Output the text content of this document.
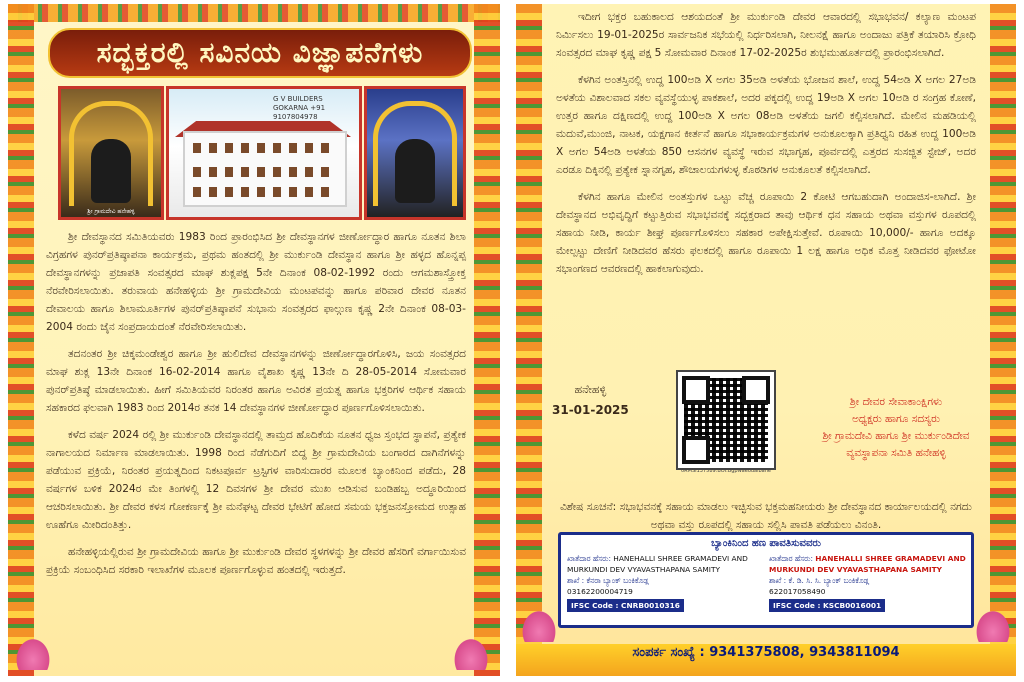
ಸದ್ಭಕ್ತರಲ್ಲಿ ಸವಿನಯ ವಿಜ್ಞಾಪನೆಗಳು
ಶ್ರೀ ಗ್ರಾಮದೇವಿ ಹನೇಹಳ್ಳಿ
G V BUILDERS GOKARNA +91 9107804978

ಶ್ರೀ ದೇವಸ್ಥಾನದ ಸಮಿತಿಯವರು 1983 ರಿಂದ ಪ್ರಾರಂಭಿಸಿದ ಶ್ರೀ ದೇವಸ್ಥಾನಗಳ ಜೀರ್ಣೋದ್ಧಾರ ಹಾಗೂ ನೂತನ ಶಿಲಾ ವಿಗ್ರಹಗಳ ಪುನರ್‌ಪ್ರತಿಷ್ಠಾಪನಾ ಕಾರ್ಯಕ್ರಮ, ಪ್ರಥಮ ಹಂತದಲ್ಲಿ ಶ್ರೀ ಮುರ್ಕುಂಡಿ ದೇವಸ್ಥಾನ ಹಾಗೂ ಶ್ರೀ ಹಳ್ಳದ ಹೊನ್ನಪ್ಪ ದೇವಸ್ಥಾನಗಳನ್ನು ಪ್ರಜಾಪತಿ ಸಂವತ್ಸರದ ಮಾಘ ಶುಕ್ಲಪಕ್ಷ 5ನೇ ದಿನಾಂಕ 08-02-1992 ರಂದು ಆಗಮಶಾಸ್ತ್ರೋಕ್ತ ನೆರವೇರಿಸಲಾಯಿತು. ತರುವಾಯ ಹನೇಹಳ್ಳಿಯ ಶ್ರೀ ಗ್ರಾಮದೇವಿಯ ಮಂಟಪವನ್ನು ಹಾಗೂ ಪರಿವಾರ ದೇವರ ನೂತನ ದೇವಾಲಯ ಹಾಗೂ ಶಿಲಾಮೂರ್ತಿಗಳ ಪುನರ್‌ಪ್ರತಿಷ್ಠಾಪನೆ ಸುಭಾನು ಸಂವತ್ಸರದ ಫಾಲ್ಗುಣ ಕೃಷ್ಣ 2ನೇ ದಿನಾಂಕ 08-03-2004 ರಂದು ಜೈನ ಸಂಪ್ರದಾಯದಂತೆ ನೆರವೇರಿಸಲಾಯಿತು.

ತದನಂತರ ಶ್ರೀ ಚಿಕ್ಕಮಂಡೇಶ್ವರ ಹಾಗೂ ಶ್ರೀ ಹುಲಿದೇವ ದೇವಸ್ಥಾನಗಳನ್ನು ಜೀರ್ಣೋದ್ಧಾರಗೊಳಿಸಿ, ಜಯ ಸಂವತ್ಸರದ ಮಾಘ ಶುಕ್ಲ 13ನೇ ದಿನಾಂಕ 16-02-2014 ಹಾಗೂ ವೈಶಾಖ ಕೃಷ್ಣ 13ನೇ ದಿ 28-05-2014 ಸೋಮವಾರ ಪುನರ್‌ಪ್ರತಿಷ್ಠೆ ಮಾಡಲಾಯಿತು. ಹೀಗೆ ಸಮಿತಿಯವರ ನಿರಂತರ ಹಾಗೂ ಅವಿರತ ಪ್ರಯತ್ನ ಹಾಗೂ ಭಕ್ತರಿಗಳ ಆರ್ಥಿಕ ಸಹಾಯ ಸಹಕಾರದ ಫಲವಾಗಿ 1983 ರಿಂದ 2014ರ ತನಕ 14 ದೇವಸ್ಥಾನಗಳ ಜೀರ್ಣೋದ್ಧಾರ ಪೂರ್ಣಗೊಳಿಸಲಾಯಿತು.

ಕಳೆದ ವರ್ಷ 2024 ರಲ್ಲಿ ಶ್ರೀ ಮುರ್ಕುಂಡಿ ದೇವಸ್ಥಾನದಲ್ಲಿ ತಾಮ್ರದ ಹೊದಿಕೆಯ ನೂತನ ಧ್ವಜ ಸ್ತಂಭದ ಸ್ಥಾಪನೆ, ಪ್ರತ್ಯೇಕ ನಾಗಾಲಯದ ನಿರ್ಮಾಣ ಮಾಡಲಾಯಿತು. 1998 ರಿಂದ ನೆಡೆಗುದಿಗೆ ಬಿದ್ದ ಶ್ರೀ ಗ್ರಾಮದೇವಿಯ ಬಂಗಾರದ ದಾಗಿನೆಗಳನ್ನು ಪಡೆಯುವ ಪ್ರಕ್ರಿಯೆ, ನಿರಂತರ ಪ್ರಯತ್ನದಿಂದ ನಿಕಟಪೂರ್ವ ಟ್ರಸ್ಟಿಗಳ ವಾರಿಸುದಾರರ ಮೂಲಕ ಬ್ಯಾಂಕಿನಿಂದ ಪಡೆದು, 28 ವರ್ಷಗಳ ಬಳಿಕ 2024ರ ಮೇ ತಿಂಗಳಲ್ಲಿ 12 ದಿವಸಗಳ ಶ್ರೀ ದೇವರ ಮುಖ ಆಡಿಸುವ ಬಂಡಿಹಬ್ಬ ಅದ್ಧೂರಿಯಿಂದ ಆಚರಿಸಲಾಯಿತು. ಶ್ರೀ ದೇವರ ಕಳಸ ಗೋಕರ್ಣಕ್ಕೆ ಶ್ರೀ ಮನೆಘಟ್ಟ ದೇವರ ಭೇಟಿಗೆ ಹೋದ ಸಮಯ ಭಕ್ತಜನಸ್ತೋಮದ ಉತ್ಸಾಹ ಊಹೆಗೂ ಮೀರಿದಂತಿತ್ತು.

ಹನೇಹಳ್ಳಿಯಲ್ಲಿರುವ ಶ್ರೀ ಗ್ರಾಮದೇವಿಯ ಹಾಗೂ ಶ್ರೀ ಮುರ್ಕುಂಡಿ ದೇವರ ಸ್ಥಳಗಳನ್ನು ಶ್ರೀ ದೇವರ ಹೆಸರಿಗೆ ವರ್ಗಾಯಿಸುವ ಪ್ರಕ್ರಿಯೆ ಸಂಬಂಧಿಸಿದ ಸರಕಾರಿ ಇಲಾಖೆಗಳ ಮೂಲಕ ಪೂರ್ಣಗೊಳ್ಳುವ ಹಂತದಲ್ಲಿ ಇರುತ್ತದೆ.

ಇದೀಗ ಭಕ್ತರ ಬಹುಕಾಲದ ಆಶಯದಂತೆ ಶ್ರೀ ಮುರ್ಕುಂಡಿ ದೇವರ ಆವಾರದಲ್ಲಿ ಸಭಾಭವನ/ ಕಲ್ಯಾಣ ಮಂಟಪ ನಿರ್ಮಿಸಲು 19-01-2025ರ ಸಾರ್ವಜನಿಕ ಸಭೆಯಲ್ಲಿ ನಿರ್ಧರಿಸಲಾಗಿ, ನೀಲನಕ್ಷೆ ಹಾಗೂ ಅಂದಾಜು ಪತ್ರಿಕೆ ತಯಾರಿಸಿ ಕ್ರೋಧಿ ಸಂವತ್ಸರದ ಮಾಘ ಕೃಷ್ಣ ಪಕ್ಷ 5 ಸೋಮವಾರ ದಿನಾಂಕ 17-02-2025ರ ಶುಭಮುಹೂರ್ತದಲ್ಲಿ ಪ್ರಾರಂಭಿಸಲಾಗಿದೆ.

ಕೆಳಗಿನ ಅಂತಸ್ತಿನಲ್ಲಿ ಉದ್ದ 100ಅಡಿ X ಅಗಲ 35ಅಡಿ ಅಳತೆಯ ಭೋಜನ ಶಾಲೆ, ಉದ್ದ 54ಅಡಿ X ಅಗಲ 27ಅಡಿ ಅಳತೆಯ ವಿಶಾಲವಾದ ಸಕಲ ವ್ಯವಸ್ಥೆಯುಳ್ಳ ಪಾಕಶಾಲೆ, ಅದರ ಪಕ್ಕದಲ್ಲಿ ಉದ್ದ 19ಅಡಿ X ಅಗಲ 10ಅಡಿ ರ ಸಂಗ್ರಹ ಕೋಣೆ, ಉತ್ತರ ಹಾಗೂ ದಕ್ಷಿಣದಲ್ಲಿ ಉದ್ದ 100ಅಡಿ X ಅಗಲ 08ಅಡಿ ಅಳತೆಯ ಜಗಲಿ ಕಲ್ಪಿಸಲಾಗಿದೆ. ಮೇಲಿನ ಮಹಡಿಯಲ್ಲಿ ಮದುವೆ,ಮುಂಜಿ, ನಾಟಕ, ಯಕ್ಷಗಾನ ಕೀರ್ತನೆ ಹಾಗೂ ಸಭಾಕಾರ್ಯಕ್ರಮಗಳ ಅನುಕೂಲಕ್ಕಾಗಿ ಪ್ರತಿಧ್ವನಿ ರಹಿತ ಉದ್ದ 100ಅಡಿ X ಅಗಲ 54ಅಡಿ ಅಳತೆಯ 850 ಆಸನಗಳ ವ್ಯವಸ್ಥೆ ಇರುವ ಸಭಾಗೃಹ, ಪೂರ್ವದಲ್ಲಿ ಎತ್ತರದ ಸುಸಜ್ಜಿತ ಸ್ಟೇಜ್, ಅದರ ಎರಡೂ ದಿಕ್ಕಿನಲ್ಲಿ ಪ್ರತ್ಯೇಕ ಸ್ನಾನಗೃಹ, ಶೌಚಾಲಯಗಳುಳ್ಳ ಕೊಠಡಿಗಳ ಅನುಕೂಲತೆ ಕಲ್ಪಿಸಲಾಗಿದೆ.

ಕೆಳಗಿನ ಹಾಗೂ ಮೇಲಿನ ಅಂತಸ್ತುಗಳ ಒಟ್ಟು ವೆಚ್ಚ ರೂಪಾಯಿ 2 ಕೋಟಿ ಆಗಬಹುದಾಗಿ ಅಂದಾಜಿಸ-ಲಾಗಿದೆ. ಶ್ರೀ ದೇವಸ್ಥಾನದ ಅಭಿವೃದ್ಧಿಗೆ ಕಟ್ಟುತ್ತಿರುವ ಸಭಾಭವನಕ್ಕೆ ಸದ್ಭಕ್ತರಾದ ತಾವು ಆರ್ಥಿಕ ಧನ ಸಹಾಯ ಅಥವಾ ವಸ್ತುಗಳ ರೂಪದಲ್ಲಿ ಸಹಾಯ ನೀಡಿ, ಕಾರ್ಯ ಶೀಘ್ರ ಪೂರ್ಣಗೊಳಿಸಲು ಸಹಕಾರ ಅಪೇಕ್ಷಿಸುತ್ತೇವೆ. ರೂಪಾಯಿ 10,000/- ಹಾಗೂ ಅದಕ್ಕೂ ಮೇಲ್ಪಟ್ಟು ದೇಣಿಗೆ ನೀಡಿದವರ ಹೆಸರು ಫಲಕದಲ್ಲಿ ಹಾಗೂ ರೂಪಾಯಿ 1 ಲಕ್ಷ ಹಾಗೂ ಅಧಿಕ ಮೊತ್ತ ನೀಡಿದವರ ಫೋಟೋ ಸಭಾಂಗಣದ ಆವರಣದಲ್ಲಿ ಹಾಕಲಾಗುವುದು.

ಹನೇಹಳ್ಳಿ
31-01-2025
0RMSI137589:BOI:Bgpwaeodaibahe
ಶ್ರೀ ದೇವರ ಸೇವಾಕಾಂಕ್ಷಿಗಳು
ಅಧ್ಯಕ್ಷರು ಹಾಗೂ ಸದಸ್ಯರು
ಶ್ರೀ ಗ್ರಾಮದೇವಿ ಹಾಗೂ ಶ್ರೀ ಮುರ್ಕುಂಡಿದೇವ
ವ್ಯವಸ್ಥಾಪನಾ ಸಮಿತಿ ಹನೇಹಳ್ಳಿ
ವಿಶೇಷ ಸೂಚನೆ: ಸಭಾಭವನಕ್ಕೆ ಸಹಾಯ ಮಾಡಲು ಇಚ್ಛಿಸುವ ಭಕ್ತಮಹನೀಯರು ಶ್ರೀ ದೇವಸ್ಥಾನದ ಕಾರ್ಯಾಲಯದಲ್ಲಿ ನಗದು ಅಥವಾ ವಸ್ತು ರೂಪದಲ್ಲಿ ಸಹಾಯ ಸಲ್ಲಿಸಿ ಪಾವತಿ ಪಡೆಯಲು ವಿನಂತಿ.
ಬ್ಯಾಂಕಿನಿಂದ ಹಣ ಪಾವತಿಸುವವರು
ಖಾತೆದಾರ ಹೆಸರು: HANEHALLI SHREE GRAMADEVI AND MURKUNDI DEV VYAVASTHAPANA SAMITY
ಶಾಖೆ : ಕೆನರಾ ಬ್ಯಾಂಕ್ ಬಂಕಿಕೊಡ್ಲ
03162200004719
IFSC Code : CNRB0010316
ಖಾತೆದಾರ ಹೆಸರು: HANEHALLI SHREE GRAMADEVI AND MURKUNDI DEV VYAVASTHAPANA SAMITY
ಶಾಖೆ : ಕೆ. ಡಿ. ಸಿ. ಸಿ. ಬ್ಯಾಂಕ್ ಬಂಕಿಕೊಡ್ಲ
622017058490
IFSC Code : KSCB0016001
ಸಂಪರ್ಕ ಸಂಖ್ಯೆ : 9341375808, 9343811094
